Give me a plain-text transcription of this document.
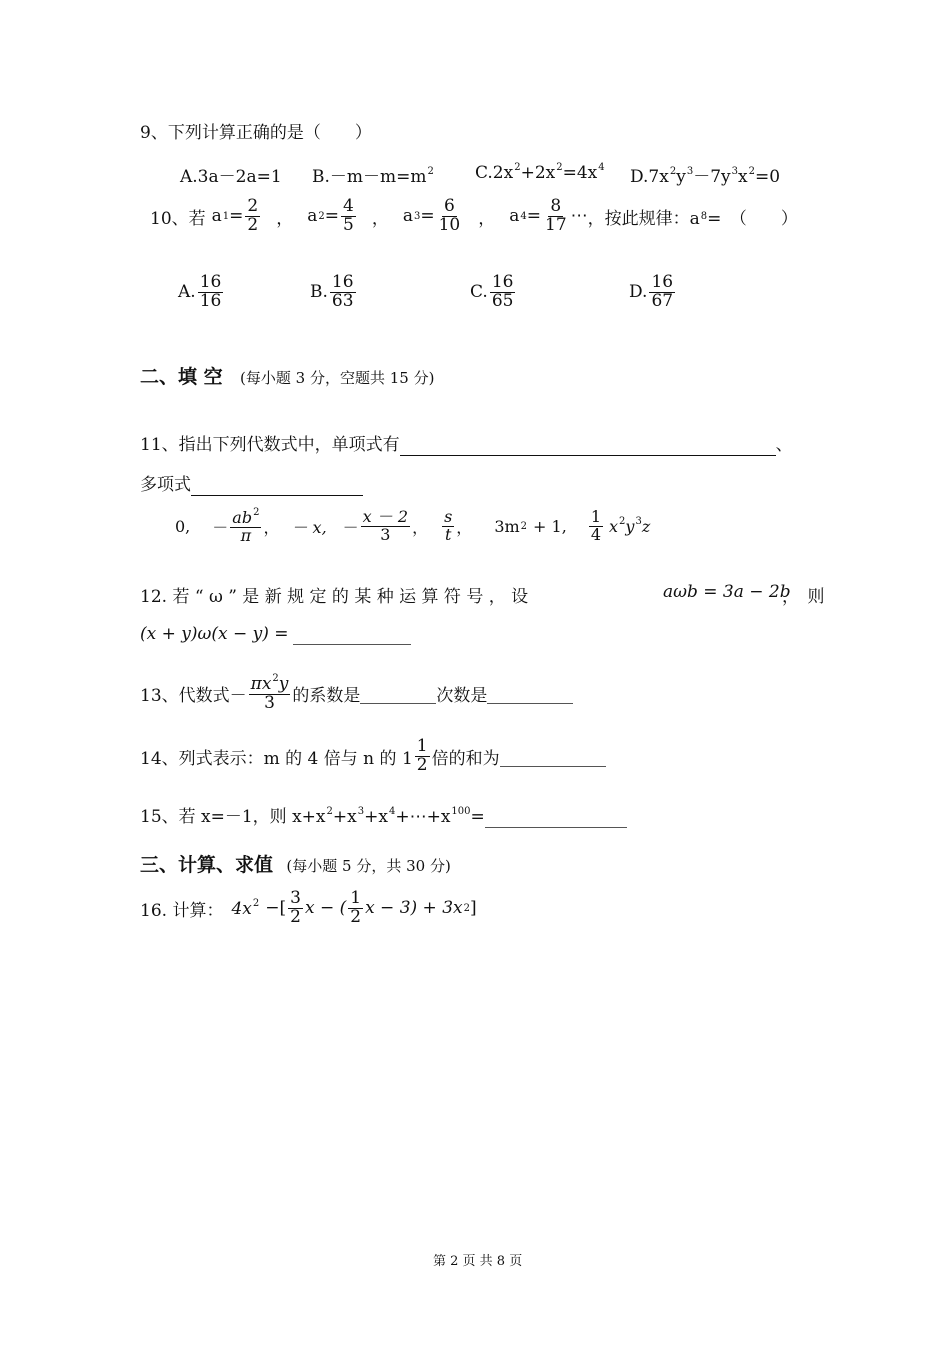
9、下列计算正确的是（　　）
A.3a－2a=1 $B.-m-m=m^2$ $C.2x^2+2x^2=4x^4$ $D.7x^2y^3-7y^3x^2=0$
10、若 a $1 = \frac{2}{2}$ ， a $2 = \frac{4}{5}$ ， a $3 = \frac{6}{10}$ ， a $4 = \frac{8}{17}$ ⋯ ，按此规律：a 8 =　（　　）
A. $\frac{16}{16}$	B. $\frac{16}{63}$	C. $\frac{16}{65}$	D. $\frac{16}{67}$
二、填 空 (每小题 3 分，空题共 15 分)
11、指出下列代数式中，单项式有	、
多项式
0, － $\frac{ab^2}{\pi}$ ， － x, － $\frac{x - 2}{3}$ ， $\frac{s}{t}$ ， 3m 2 + 1, $\frac{1}{4} x^2y^3z$
12. 若 “ ω ” 是 新 规 定 的 某 种 运 算 符 号 ， 设	aωb = 3a − 2b
，　则
(x + y)ω(x − y) =
13、代数式－ $\frac{\pi x^2y}{3}$ 的系数是
	次数是

14、列式表示：m 的 4 倍与 n 的 $1 \frac{1}{2}$ 倍的和为

15、若 x=－1，则 $x+x^2+x^3+x^4+\cdots+x^{100}=$
三、计算、求值 (每小题 5 分，共 30 分)
16. 计算： $4x^2$ −[ $\frac{3}{2}$ x − ( $\frac{1}{2}$ x − 3) + 3x 2 ]
第 2 页 共 8 页
